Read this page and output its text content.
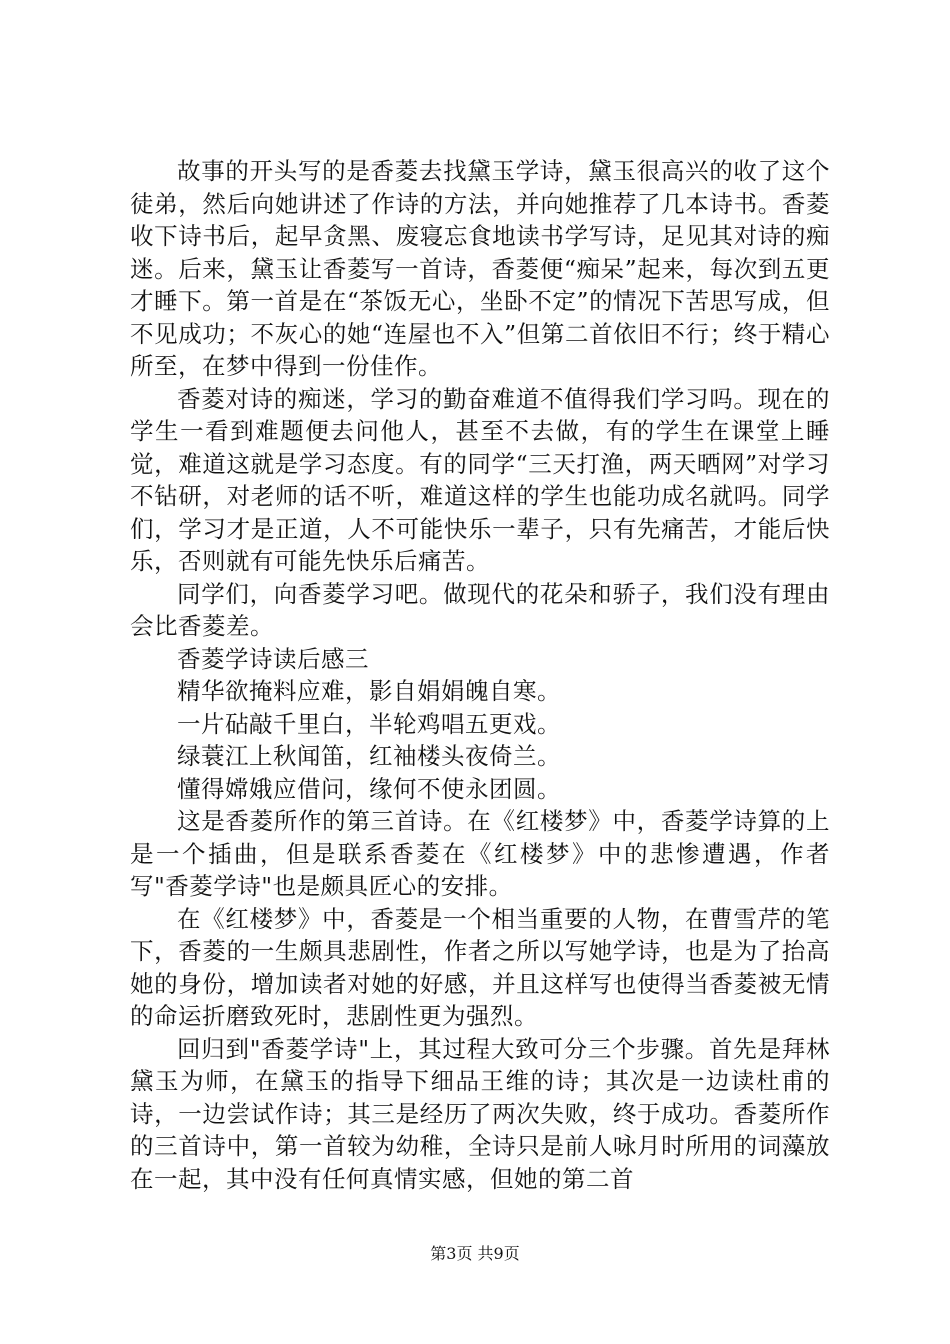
故事的开头写的是香菱去找黛玉学诗，黛玉很高兴的收了这个徒弟，然后向她讲述了作诗的方法，并向她推荐了几本诗书。香菱收下诗书后，起早贪黑、废寝忘食地读书学写诗，足见其对诗的痴迷。后来，黛玉让香菱写一首诗，香菱便“痴呆”起来，每次到五更才睡下。第一首是在“茶饭无心，坐卧不定”的情况下苦思写成，但不见成功；不灰心的她“连屋也不入”但第二首依旧不行；终于精心所至，在梦中得到一份佳作。

香菱对诗的痴迷，学习的勤奋难道不值得我们学习吗。现在的学生一看到难题便去问他人，甚至不去做，有的学生在课堂上睡觉，难道这就是学习态度。有的同学“三天打渔，两天晒网”对学习不钻研，对老师的话不听，难道这样的学生也能功成名就吗。同学们，学习才是正道，人不可能快乐一辈子，只有先痛苦，才能后快乐，否则就有可能先快乐后痛苦。

同学们，向香菱学习吧。做现代的花朵和骄子，我们没有理由会比香菱差。

香菱学诗读后感三

精华欲掩料应难，影自娟娟魄自寒。

一片砧敲千里白，半轮鸡唱五更戏。

绿蓑江上秋闻笛，红袖楼头夜倚兰。

懂得嫦娥应借问，缘何不使永团圆。

这是香菱所作的第三首诗。在《红楼梦》中，香菱学诗算的上是一个插曲，但是联系香菱在《红楼梦》中的悲惨遭遇，作者写"香菱学诗"也是颇具匠心的安排。

在《红楼梦》中，香菱是一个相当重要的人物，在曹雪芹的笔下，香菱的一生颇具悲剧性，作者之所以写她学诗，也是为了抬高她的身份，增加读者对她的好感，并且这样写也使得当香菱被无情的命运折磨致死时，悲剧性更为强烈。

回归到"香菱学诗"上，其过程大致可分三个步骤。首先是拜林黛玉为师，在黛玉的指导下细品王维的诗；其次是一边读杜甫的诗，一边尝试作诗；其三是经历了两次失败，终于成功。香菱所作的三首诗中，第一首较为幼稚，全诗只是前人咏月时所用的词藻放在一起，其中没有任何真情实感，但她的第二首

第3页 共9页
